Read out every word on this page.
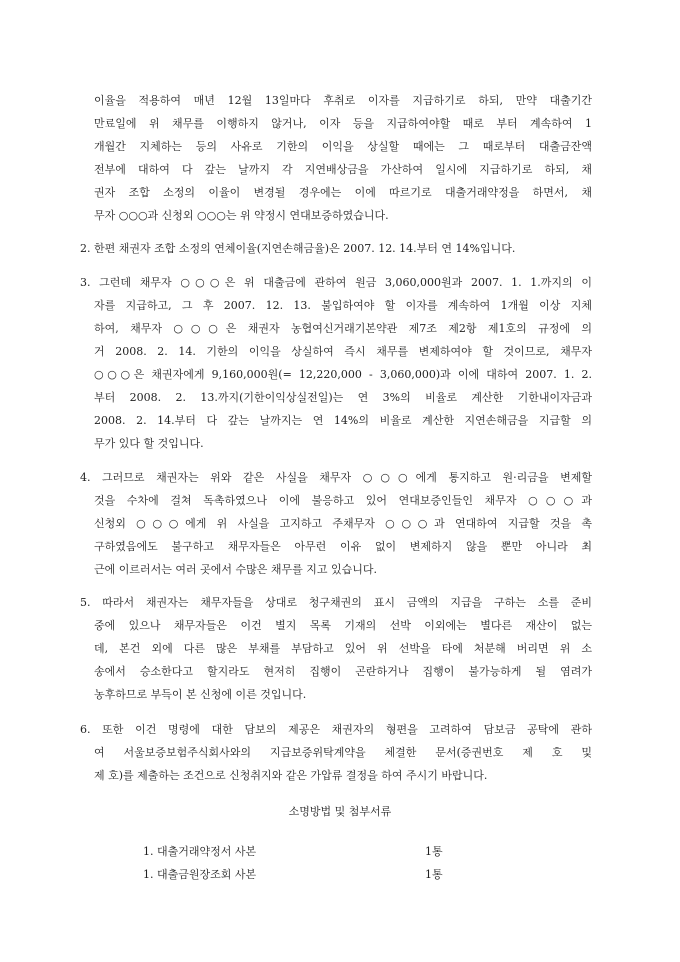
이율을 적용하여 매년 12월 13일마다 후취로 이자를 지급하기로 하되, 만약 대출기간
만료일에 위 채무를 이행하지 않거나, 이자 등을 지급하여야할 때로 부터 계속하여 1
개월간 지체하는 등의 사유로 기한의 이익을 상실할 때에는 그 때로부터 대출금잔액
전부에 대하여 다 갚는 날까지 각 지연배상금을 가산하여 일시에 지급하기로 하되, 채
권자 조합 소정의 이율이 변경될 경우에는 이에 따르기로 대출거래약정을 하면서, 채
무자 ○○○과 신청외 ○○○는 위 약정시 연대보증하였습니다.
2. 한편 채권자 조합 소정의 연체이율(지연손해금율)은 2007. 12. 14.부터 연 14%입니다.
3. 그런데 채무자 ○○○은 위 대출금에 관하여 원금 3,060,000원과 2007. 1. 1.까지의 이
자를 지급하고, 그 후 2007. 12. 13. 불입하여야 할 이자를 계속하여 1개월 이상 지체
하여, 채무자 ○○○은 채권자 농협여신거래기본약관 제7조 제2항 제1호의 규정에 의
거 2008. 2. 14. 기한의 이익을 상실하여 즉시 채무를 변제하여야 할 것이므로, 채무자
○○○은 채권자에게 9,160,000원(= 12,220,000 - 3,060,000)과 이에 대하여 2007. 1. 2.
부터 2008. 2. 13.까지(기한이익상실전일)는 연 3%의 비율로 계산한 기한내이자금과
2008. 2. 14.부터 다 갚는 날까지는 연 14%의 비율로 계산한 지연손해금을 지급할 의
무가 있다 할 것입니다.
4. 그러므로 채권자는 위와 같은 사실을 채무자 ○○○에게 통지하고 원·리금을 변제할
것을 수차에 걸쳐 독촉하였으나 이에 불응하고 있어 연대보증인들인 채무자 ○○○과
신청외 ○○○에게 위 사실을 고지하고 주채무자 ○○○과 연대하여 지급할 것을 촉
구하였음에도 불구하고 채무자들은 아무런 이유 없이 변제하지 않을 뿐만 아니라 최
근에 이르러서는 여러 곳에서 수많은 채무를 지고 있습니다.
5. 따라서 채권자는 채무자들을 상대로 청구채권의 표시 금액의 지급을 구하는 소를 준비
중에 있으나 채무자들은 이건 별지 목록 기재의 선박 이외에는 별다른 재산이 없는
데, 본건 외에 다른 많은 부채를 부담하고 있어 위 선박을 타에 처분해 버리면 위 소
송에서 승소한다고 할지라도 현저히 집행이 곤란하거나 집행이 불가능하게 될 염려가
농후하므로 부득이 본 신청에 이른 것입니다.
6. 또한 이건 명령에 대한 담보의 제공은 채권자의 형편을 고려하여 담보금 공탁에 관하
여 서울보증보험주식회사와의 지급보증위탁계약을 체결한 문서(증권번호 제 호 및
제 호)를 제출하는 조건으로 신청취지와 같은 가압류 결정을 하여 주시기 바랍니다.
소명방법 및 첨부서류
1. 대출거래약정서 사본	1통
1. 대출금원장조회 사본	1통
